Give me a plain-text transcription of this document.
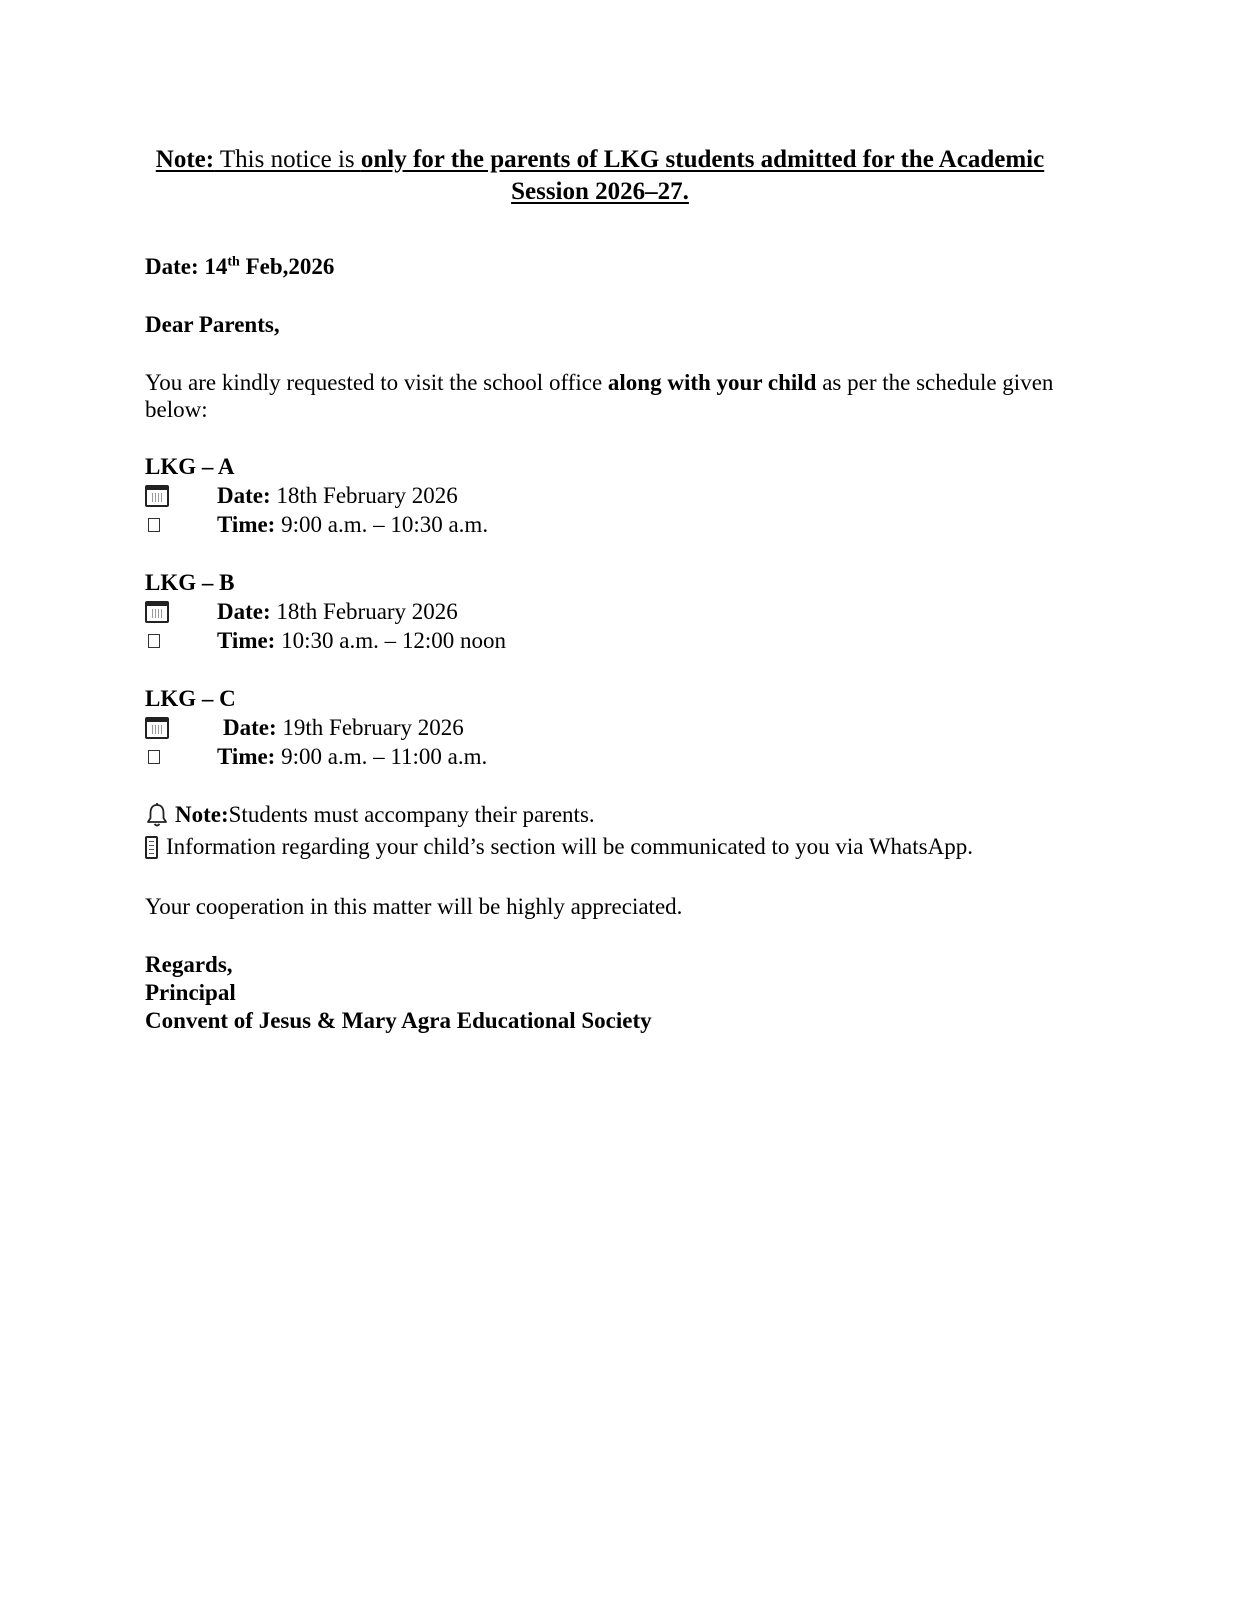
Note: This notice is only for the parents of LKG students admitted for the Academic Session 2026–27.
Date: 14th Feb,2026
Dear Parents,
You are kindly requested to visit the school office along with your child as per the schedule given below:
LKG – A
Date: 18th February 2026
Time: 9:00 a.m. – 10:30 a.m.
LKG – B
Date: 18th February 2026
Time: 10:30 a.m. – 12:00 noon
LKG – C
Date: 19th February 2026
Time: 9:00 a.m. – 11:00 a.m.
Note: Students must accompany their parents.
Information regarding your child’s section will be communicated to you via WhatsApp.
Your cooperation in this matter will be highly appreciated.
Regards,
Principal
Convent of Jesus & Mary Agra Educational Society
